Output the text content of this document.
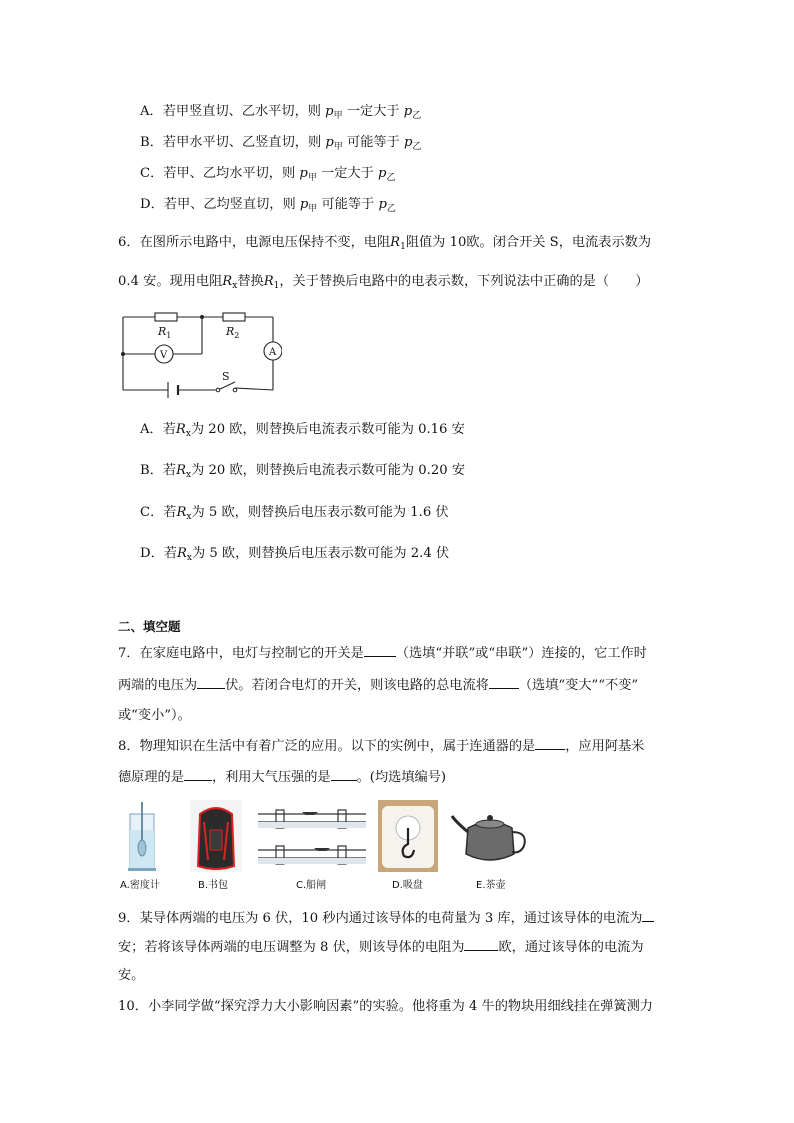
A．若甲竖直切、乙水平切，则 $p_甲$ 一定大于 $p_乙$
B．若甲水平切、乙竖直切，则 $p_甲$ 可能等于 $p_乙$
C．若甲、乙均水平切，则 $p_甲$ 一定大于 $p_乙$
D．若甲、乙均竖直切，则 $p_甲$ 可能等于 $p_乙$
6．在图所示电路中，电源电压保持不变，电阻$R_1$阻值为 10欧。闭合开关 S，电流表示数为
0.4 安。现用电阻$R_x$替换$R_1$，关于替换后电路中的电表示数，下列说法中正确的是（　　）
$R_1$	$R_2$
V	A
S
A．若$R_x$为 20 欧，则替换后电流表示数可能为 0.16 安
B．若$R_x$为 20 欧，则替换后电流表示数可能为 0.20 安
C．若$R_x$为 5 欧，则替换后电压表示数可能为 1.6 伏
D．若$R_x$为 5 欧，则替换后电压表示数可能为 2.4 伏
二、填空题
7．在家庭电路中，电灯与控制它的开关是 （选填“并联”或“串联”）连接的，它工作时
两端的电压为 伏。若闭合电灯的开关，则该电路的总电流将 （选填“变大”“不变”
或“变小”）。
8．物理知识在生活中有着广泛的应用。以下的实例中，属于连通器的是 ，应用阿基米
德原理的是 ，利用大气压强的是 。(均选填编号)
A.密度计	B.书包	C.船闸	D.吸盘	E.茶壶
9．某导体两端的电压为 6 伏，10 秒内通过该导体的电荷量为 3 库，通过该导体的电流为
安；若将该导体两端的电压调整为 8 伏，则该导体的电阻为	欧，通过该导体的电流为
安。
10．小李同学做“探究浮力大小影响因素”的实验。他将重为 4 牛的物块用细线挂在弹簧测力
